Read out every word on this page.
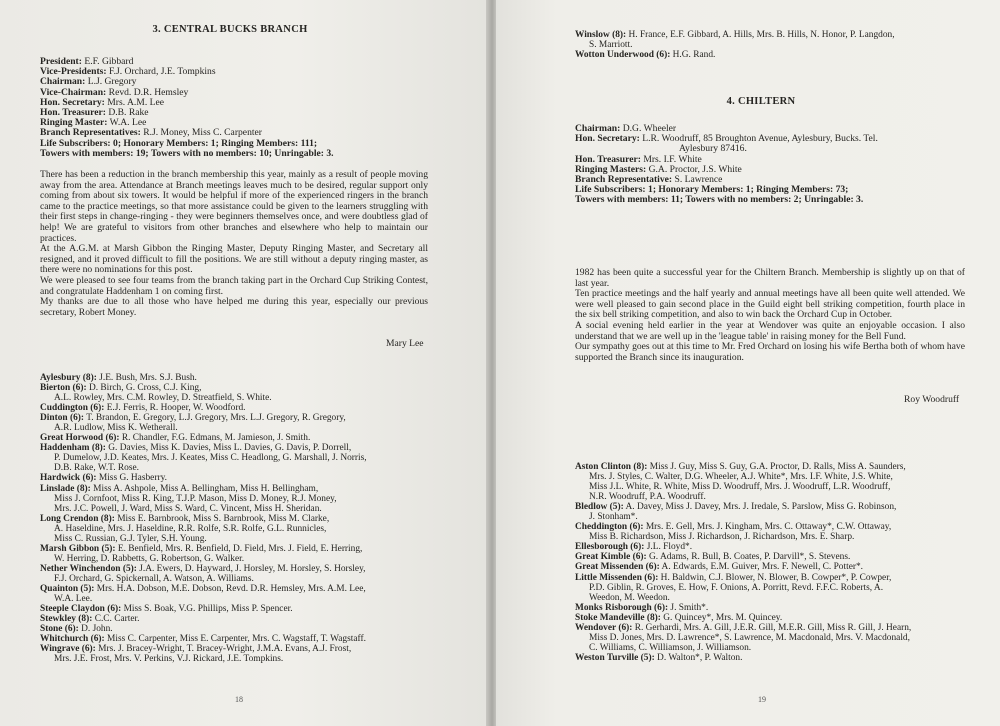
3. CENTRAL BUCKS BRANCH
President: E.F. Gibbard
Vice-Presidents: F.J. Orchard, J.E. Tompkins
Chairman: L.J. Gregory
Vice-Chairman: Revd. D.R. Hemsley
Hon. Secretary: Mrs. A.M. Lee
Hon. Treasurer: D.B. Rake
Ringing Master: W.A. Lee
Branch Representatives: R.J. Money, Miss C. Carpenter
Life Subscribers: 0; Honorary Members: 1; Ringing Members: 111;
Towers with members: 19; Towers with no members: 10; Unringable: 3.

There has been a reduction in the branch membership this year, mainly as a result of people moving away from the area. Attendance at Branch meetings leaves much to be desired, regular support only coming from about six towers. It would be helpful if more of the experienced ringers in the branch came to the practice meetings, so that more assistance could be given to the learners struggling with their first steps in change-ringing - they were beginners themselves once, and were doubtless glad of help! We are grateful to visitors from other branches and elsewhere who help to maintain our practices.

At the A.G.M. at Marsh Gibbon the Ringing Master, Deputy Ringing Master, and Secretary all resigned, and it proved difficult to fill the positions. We are still without a deputy ringing master, as there were no nominations for this post.

We were pleased to see four teams from the branch taking part in the Orchard Cup Striking Contest, and congratulate Haddenham 1 on coming first.

My thanks are due to all those who have helped me during this year, especially our previous secretary, Robert Money.

Mary Lee
Aylesbury (8): J.E. Bush, Mrs. S.J. Bush.
Bierton (6): D. Birch, G. Cross, C.J. King,
A.L. Rowley, Mrs. C.M. Rowley, D. Streatfield, S. White.
Cuddington (6): E.J. Ferris, R. Hooper, W. Woodford.
Dinton (6): T. Brandon, E. Gregory, L.J. Gregory, Mrs. L.J. Gregory, R. Gregory,
A.R. Ludlow, Miss K. Wetherall.
Great Horwood (6): R. Chandler, F.G. Edmans, M. Jamieson, J. Smith.
Haddenham (8): G. Davies, Miss K. Davies, Miss L. Davies, G. Davis, P. Dorrell,
P. Dumelow, J.D. Keates, Mrs. J. Keates, Miss C. Headlong, G. Marshall, J. Norris,
D.B. Rake, W.T. Rose.
Hardwick (6): Miss G. Hasberry.
Linslade (8): Miss A. Ashpole, Miss A. Bellingham, Miss H. Bellingham,
Miss J. Cornfoot, Miss R. King, T.J.P. Mason, Miss D. Money, R.J. Money,
Mrs. J.C. Powell, J. Ward, Miss S. Ward, C. Vincent, Miss H. Sheridan.
Long Crendon (8): Miss E. Barnbrook, Miss S. Barnbrook, Miss M. Clarke,
A. Haseldine, Mrs. J. Haseldine, R.R. Rolfe, S.R. Rolfe, G.L. Runnicles,
Miss C. Russian, G.J. Tyler, S.H. Young.
Marsh Gibbon (5): E. Benfield, Mrs. R. Benfield, D. Field, Mrs. J. Field, E. Herring,
W. Herring, D. Rabbetts, G. Robertson, G. Walker.
Nether Winchendon (5): J.A. Ewers, D. Hayward, J. Horsley, M. Horsley, S. Horsley,
F.J. Orchard, G. Spickernall, A. Watson, A. Williams.
Quainton (5): Mrs. H.A. Dobson, M.E. Dobson, Revd. D.R. Hemsley, Mrs. A.M. Lee,
W.A. Lee.
Steeple Claydon (6): Miss S. Boak, V.G. Phillips, Miss P. Spencer.
Stewkley (8): C.C. Carter.
Stone (6): D. John.
Whitchurch (6): Miss C. Carpenter, Miss E. Carpenter, Mrs. C. Wagstaff, T. Wagstaff.
Wingrave (6): Mrs. J. Bracey-Wright, T. Bracey-Wright, J.M.A. Evans, A.J. Frost,
Mrs. J.E. Frost, Mrs. V. Perkins, V.J. Rickard, J.E. Tompkins.
18
Winslow (8): H. France, E.F. Gibbard, A. Hills, Mrs. B. Hills, N. Honor, P. Langdon,
S. Marriott.
Wotton Underwood (6): H.G. Rand.
4. CHILTERN
Chairman: D.G. Wheeler
Hon. Secretary: L.R. Woodruff, 85 Broughton Avenue, Aylesbury, Bucks. Tel.
Aylesbury 87416.
Hon. Treasurer: Mrs. I.F. White
Ringing Masters: G.A. Proctor, J.S. White
Branch Representative: S. Lawrence
Life Subscribers: 1; Honorary Members: 1; Ringing Members: 73;
Towers with members: 11; Towers with no members: 2; Unringable: 3.

1982 has been quite a successful year for the Chiltern Branch. Membership is slightly up on that of last year.

Ten practice meetings and the half yearly and annual meetings have all been quite well attended. We were well pleased to gain second place in the Guild eight bell striking competition, fourth place in the six bell striking competition, and also to win back the Orchard Cup in October.

A social evening held earlier in the year at Wendover was quite an enjoyable occasion. I also understand that we are well up in the 'league table' in raising money for the Bell Fund.

Our sympathy goes out at this time to Mr. Fred Orchard on losing his wife Bertha both of whom have supported the Branch since its inauguration.

Roy Woodruff
Aston Clinton (8): Miss J. Guy, Miss S. Guy, G.A. Proctor, D. Ralls, Miss A. Saunders,
Mrs. J. Styles, C. Walter, D.G. Wheeler, A.J. White*, Mrs. I.F. White, J.S. White,
Miss J.L. White, R. White, Miss D. Woodruff, Mrs. J. Woodruff, L.R. Woodruff,
N.R. Woodruff, P.A. Woodruff.
Bledlow (5): A. Davey, Miss J. Davey, Mrs. J. Iredale, S. Parslow, Miss G. Robinson,
J. Stonham*.
Cheddington (6): Mrs. E. Gell, Mrs. J. Kingham, Mrs. C. Ottaway*, C.W. Ottaway,
Miss B. Richardson, Miss J. Richardson, J. Richardson, Mrs. E. Sharp.
Ellesborough (6): J.L. Floyd*.
Great Kimble (6): G. Adams, R. Bull, B. Coates, P. Darvill*, S. Stevens.
Great Missenden (6): A. Edwards, E.M. Guiver, Mrs. F. Newell, C. Potter*.
Little Missenden (6): H. Baldwin, C.J. Blower, N. Blower, B. Cowper*, P. Cowper,
P.D. Giblin, R. Groves, E. How, F. Onions, A. Porritt, Revd. F.F.C. Roberts, A.
Weedon, M. Weedon.
Monks Risborough (6): J. Smith*.
Stoke Mandeville (8): G. Quincey*, Mrs. M. Quincey.
Wendover (6): R. Gerhardi, Mrs. A. Gill, J.E.R. Gill, M.E.R. Gill, Miss R. Gill, J. Hearn,
Miss D. Jones, Mrs. D. Lawrence*, S. Lawrence, M. Macdonald, Mrs. V. Macdonald,
C. Williams, C. Williamson, J. Williamson.
Weston Turville (5): D. Walton*, P. Walton.
19
